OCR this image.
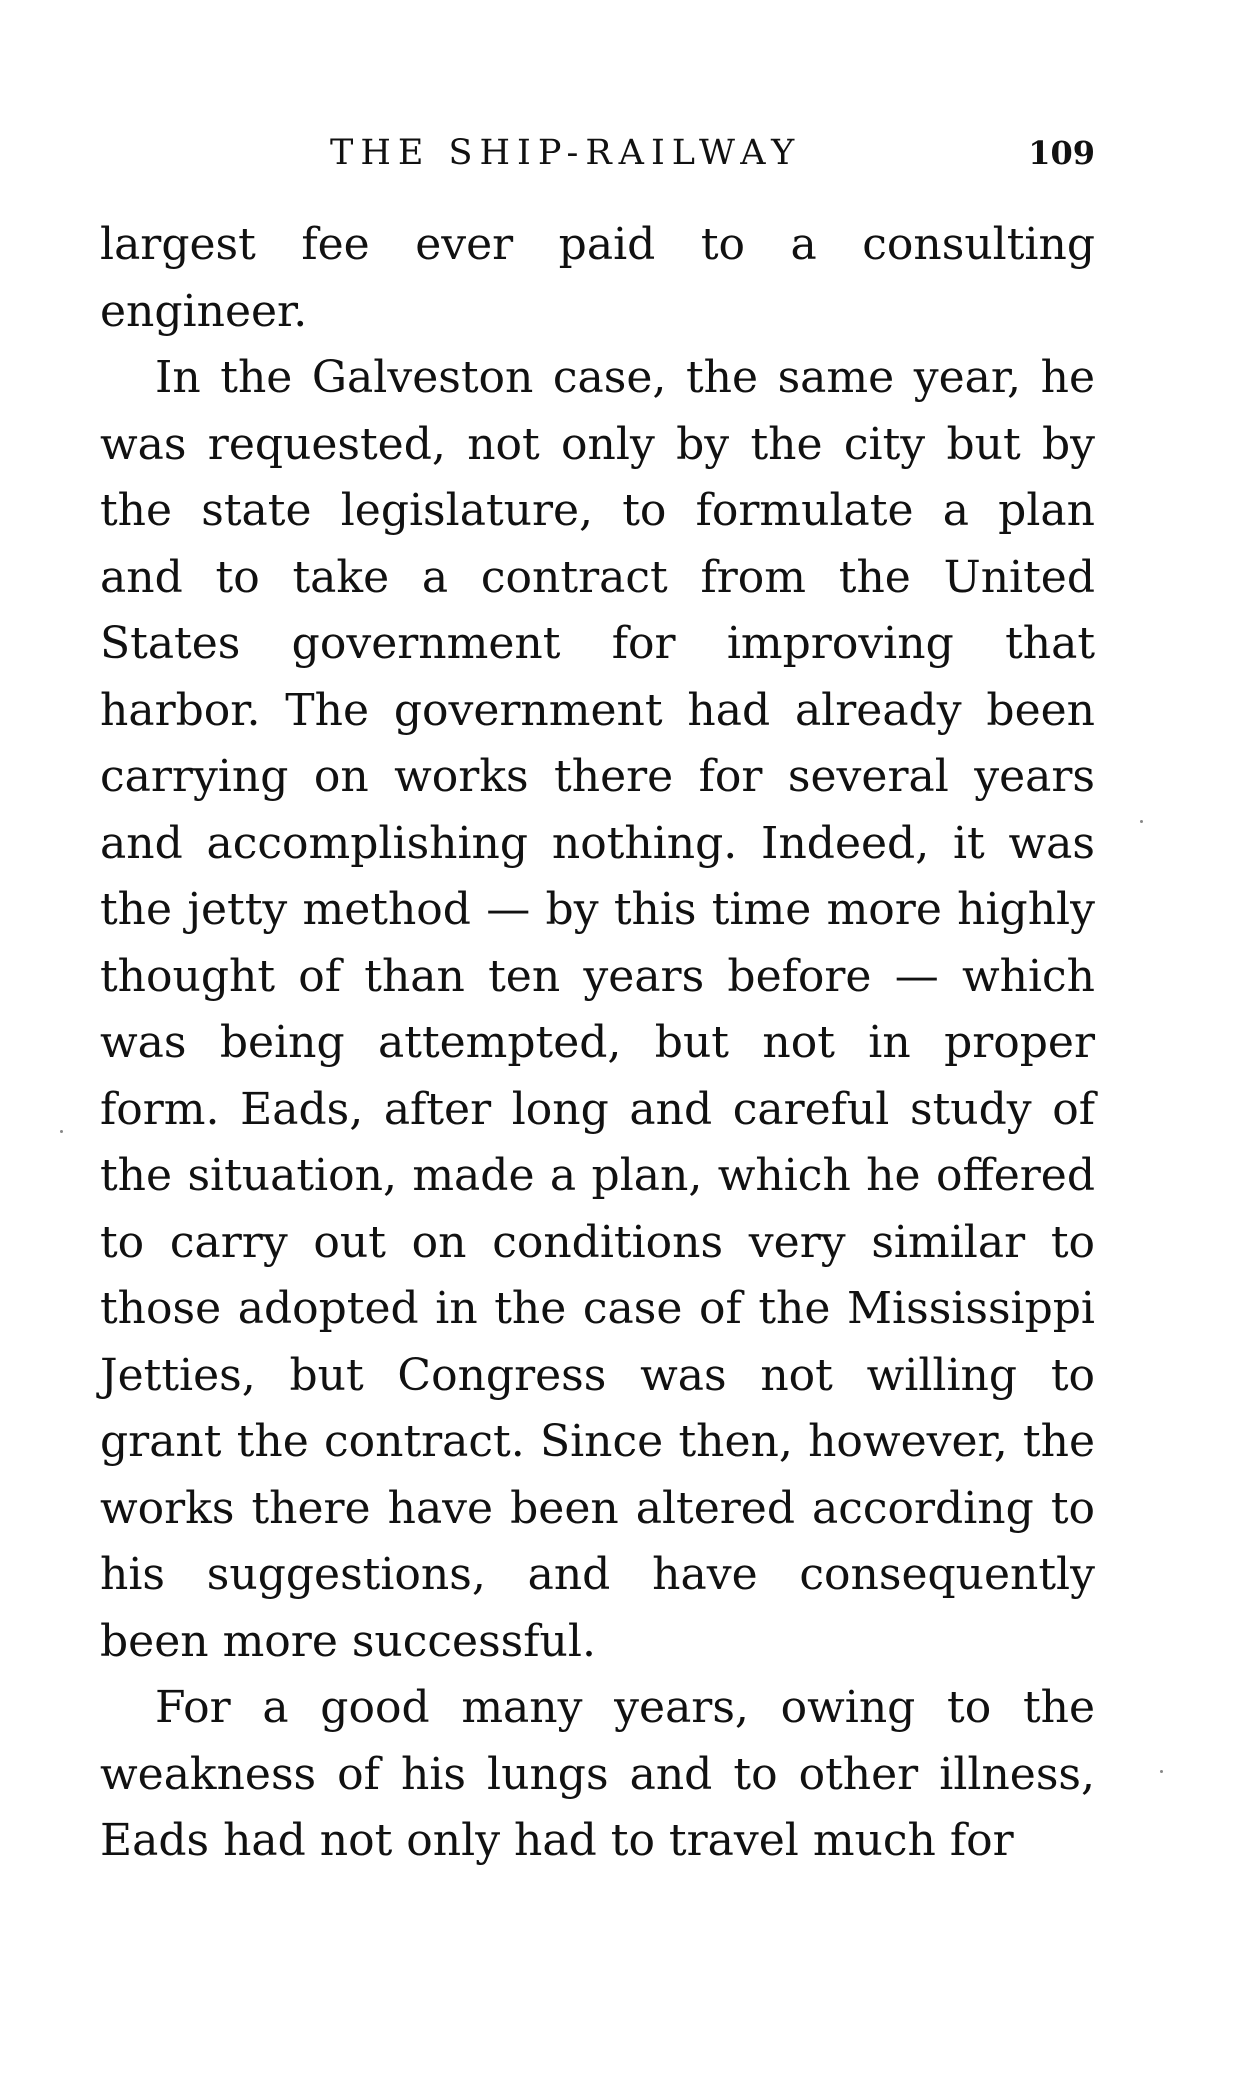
THE SHIP-RAILWAY	109

largest fee ever paid to a consulting engineer.

In the Galveston case, the same year, he was requested, not only by the city but by the state legislature, to formulate a plan and to take a contract from the United States government for improving that harbor. The government had already been carrying on works there for several years and accomplishing nothing. Indeed, it was the jetty method — by this time more highly thought of than ten years before — which was being attempted, but not in proper form. Eads, after long and careful study of the situation, made a plan, which he offered to carry out on conditions very similar to those adopted in the case of the Mississippi Jetties, but Congress was not willing to grant the contract. Since then, however, the works there have been altered according to his suggestions, and have consequently been more successful.

For a good many years, owing to the weakness of his lungs and to other illness, Eads had not only had to travel much for
